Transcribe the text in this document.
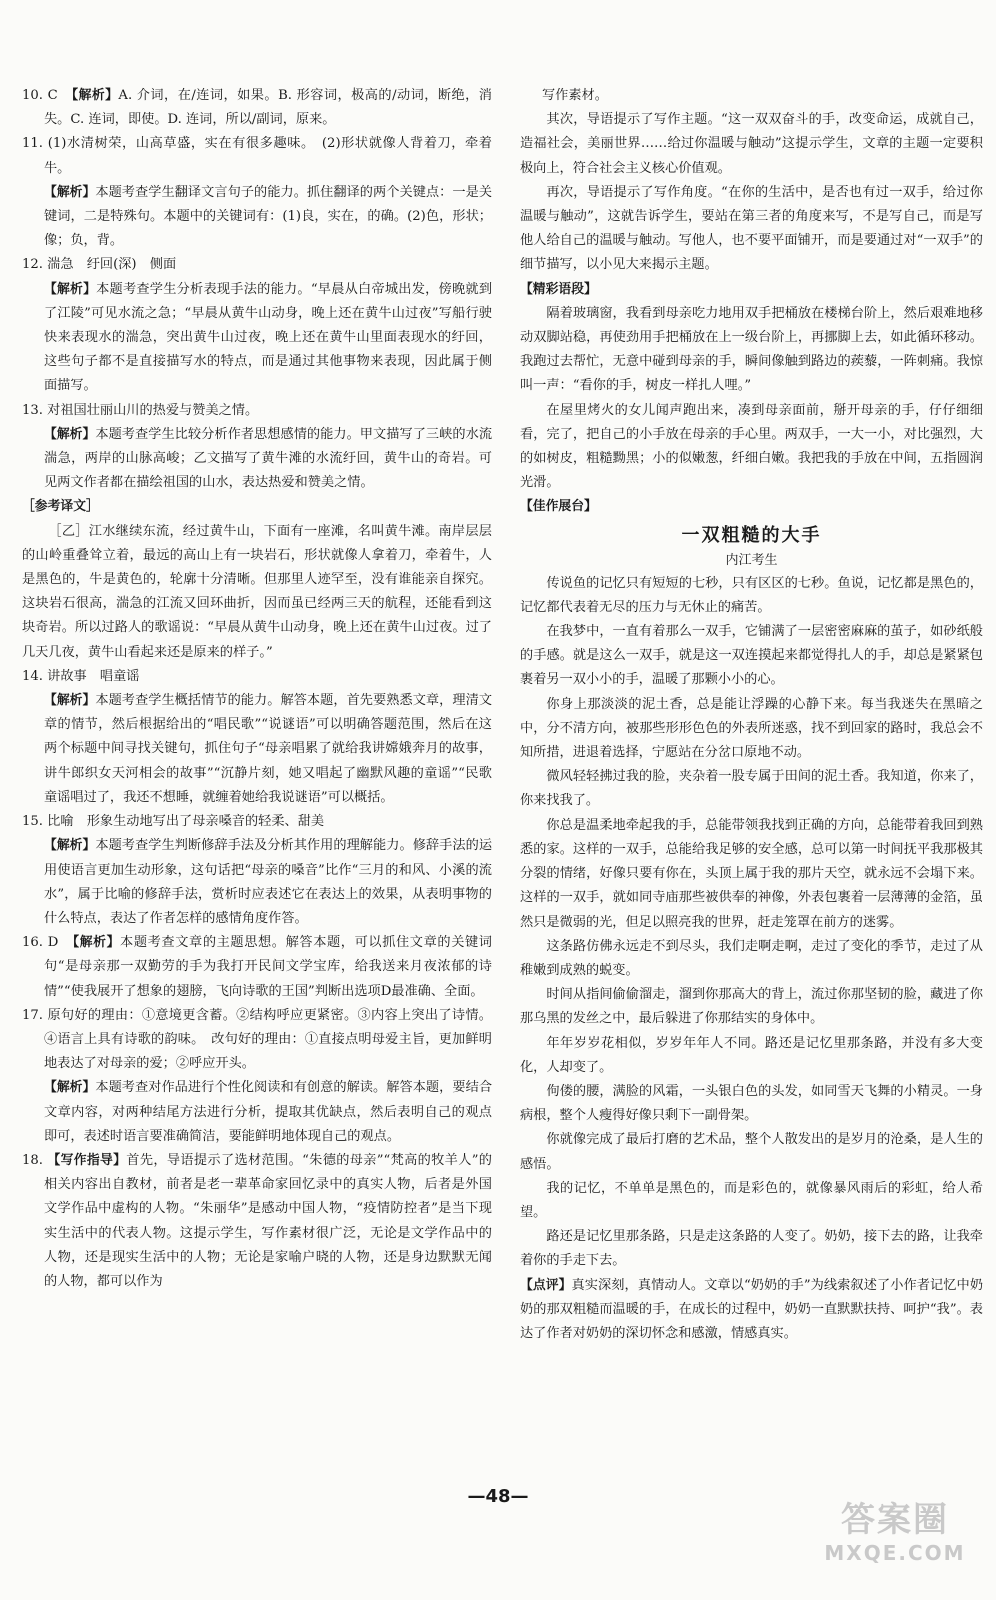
10. C　【解析】A. 介词，在/连词，如果。B. 形容词，极高的/动词，断绝，消失。C. 连词，即使。D. 连词，所以/副词，原来。

11. (1)水清树荣，山高草盛，实在有很多趣味。　(2)形状就像人背着刀，牵着牛。

【解析】本题考查学生翻译文言句子的能力。抓住翻译的两个关键点：一是关键词，二是特殊句。本题中的关键词有：(1)良，实在，的确。(2)色，形状；像；负，背。

12. 湍急　纡回(深)　侧面

【解析】本题考查学生分析表现手法的能力。“早晨从白帝城出发，傍晚就到了江陵”可见水流之急；“早晨从黄牛山动身，晚上还在黄牛山过夜”写船行驶快来表现水的湍急，突出黄牛山过夜，晚上还在黄牛山里面表现水的纡回，这些句子都不是直接描写水的特点，而是通过其他事物来表现，因此属于侧面描写。

13. 对祖国壮丽山川的热爱与赞美之情。

【解析】本题考查学生比较分析作者思想感情的能力。甲文描写了三峡的水流湍急，两岸的山脉高峻；乙文描写了黄牛滩的水流纡回，黄牛山的奇岩。可见两文作者都在描绘祖国的山水，表达热爱和赞美之情。

［参考译文］

［乙］江水继续东流，经过黄牛山，下面有一座滩，名叫黄牛滩。南岸层层的山岭重叠耸立着，最远的高山上有一块岩石，形状就像人拿着刀，牵着牛，人是黑色的，牛是黄色的，轮廓十分清晰。但那里人迹罕至，没有谁能亲自探究。这块岩石很高，湍急的江流又回环曲折，因而虽已经两三天的航程，还能看到这块奇岩。所以过路人的歌谣说：“早晨从黄牛山动身，晚上还在黄牛山过夜。过了几天几夜，黄牛山看起来还是原来的样子。”

14. 讲故事　唱童谣

【解析】本题考查学生概括情节的能力。解答本题，首先要熟悉文章，理清文章的情节，然后根据给出的“唱民歌”“说谜语”可以明确答题范围，然后在这两个标题中间寻找关键句，抓住句子“母亲唱累了就给我讲嫦娥奔月的故事，讲牛郎织女天河相会的故事”“沉静片刻，她又唱起了幽默风趣的童谣”“民歌童谣唱过了，我还不想睡，就缠着她给我说谜语”可以概括。

15. 比喻　形象生动地写出了母亲嗓音的轻柔、甜美

【解析】本题考查学生判断修辞手法及分析其作用的理解能力。修辞手法的运用使语言更加生动形象，这句话把“母亲的嗓音”比作“三月的和风、小溪的流水”，属于比喻的修辞手法，赏析时应表述它在表达上的效果，从表明事物的什么特点，表达了作者怎样的感情角度作答。

16. D　【解析】本题考查文章的主题思想。解答本题，可以抓住文章的关键词句“是母亲那一双勤劳的手为我打开民间文学宝库，给我送来月夜浓郁的诗情”“使我展开了想象的翅膀，飞向诗歌的王国”判断出选项D最准确、全面。

17. 原句好的理由：①意境更含蓄。②结构呼应更紧密。③内容上突出了诗情。④语言上具有诗歌的韵味。　改句好的理由：①直接点明母爱主旨，更加鲜明地表达了对母亲的爱；②呼应开头。

【解析】本题考查对作品进行个性化阅读和有创意的解读。解答本题，要结合文章内容，对两种结尾方法进行分析，提取其优缺点，然后表明自己的观点即可，表述时语言要准确简洁，要能鲜明地体现自己的观点。

18. 【写作指导】首先，导语提示了选材范围。“朱德的母亲”“梵高的牧羊人”的相关内容出自教材，前者是老一辈革命家回忆录中的真实人物，后者是外国文学作品中虚构的人物。“朱丽华”是感动中国人物，“疫情防控者”是当下现实生活中的代表人物。这提示学生，写作素材很广泛，无论是文学作品中的人物，还是现实生活中的人物；无论是家喻户晓的人物，还是身边默默无闻的人物，都可以作为

写作素材。

其次，导语提示了写作主题。“这一双双奋斗的手，改变命运，成就自己，造福社会，美丽世界……给过你温暖与触动”这提示学生，文章的主题一定要积极向上，符合社会主义核心价值观。

再次，导语提示了写作角度。“在你的生活中，是否也有过一双手，给过你温暖与触动”，这就告诉学生，要站在第三者的角度来写，不是写自己，而是写他人给自己的温暖与触动。写他人，也不要平面铺开，而是要通过对“一双手”的细节描写，以小见大来揭示主题。

【精彩语段】

隔着玻璃窗，我看到母亲吃力地用双手把桶放在楼梯台阶上，然后艰难地移动双脚站稳，再使劲用手把桶放在上一级台阶上，再挪脚上去，如此循环移动。我跑过去帮忙，无意中碰到母亲的手，瞬间像触到路边的蒺藜，一阵刺痛。我惊叫一声：“看你的手，树皮一样扎人哩。”

在屋里烤火的女儿闻声跑出来，凑到母亲面前，掰开母亲的手，仔仔细细看，完了，把自己的小手放在母亲的手心里。两双手，一大一小，对比强烈，大的如树皮，粗糙黝黑；小的似嫩葱，纤细白嫩。我把我的手放在中间，五指圆润光滑。

【佳作展台】

一双粗糙的大手
内江考生

传说鱼的记忆只有短短的七秒，只有区区的七秒。鱼说，记忆都是黑色的，记忆都代表着无尽的压力与无休止的痛苦。

在我梦中，一直有着那么一双手，它铺满了一层密密麻麻的茧子，如砂纸般的手感。就是这么一双手，就是这一双连摸起来都觉得扎人的手，却总是紧紧包裹着另一双小小的手，温暖了那颗小小的心。

你身上那淡淡的泥土香，总是能让浮躁的心静下来。每当我迷失在黑暗之中，分不清方向，被那些形形色色的外表所迷惑，找不到回家的路时，我总会不知所措，进退着选择，宁愿站在分岔口原地不动。

微风轻轻拂过我的脸，夹杂着一股专属于田间的泥土香。我知道，你来了，你来找我了。

你总是温柔地牵起我的手，总能带领我找到正确的方向，总能带着我回到熟悉的家。这样的一双手，总能给我足够的安全感，总可以第一时间抚平我那极其分裂的情绪，好像只要有你在，头顶上属于我的那片天空，就永远不会塌下来。这样的一双手，就如同寺庙那些被供奉的神像，外表包裹着一层薄薄的金箔，虽然只是微弱的光，但足以照亮我的世界，赶走笼罩在前方的迷雾。

这条路仿佛永远走不到尽头，我们走啊走啊，走过了变化的季节，走过了从稚嫩到成熟的蜕变。

时间从指间偷偷溜走，溜到你那高大的背上，流过你那坚韧的脸，藏进了你那乌黑的发丝之中，最后躲进了你那结实的身体中。

年年岁岁花相似，岁岁年年人不同。路还是记忆里那条路，并没有多大变化，人却变了。

佝偻的腰，满脸的风霜，一头银白色的头发，如同雪天飞舞的小精灵。一身病根，整个人瘦得好像只剩下一副骨架。

你就像完成了最后打磨的艺术品，整个人散发出的是岁月的沧桑，是人生的感悟。

我的记忆，不单单是黑色的，而是彩色的，就像暴风雨后的彩虹，给人希望。

路还是记忆里那条路，只是走这条路的人变了。奶奶，接下去的路，让我牵着你的手走下去。

【点评】真实深刻，真情动人。文章以“奶奶的手”为线索叙述了小作者记忆中奶奶的那双粗糙而温暖的手，在成长的过程中，奶奶一直默默扶持、呵护“我”。表达了作者对奶奶的深切怀念和感激，情感真实。

—48—
答案圈
MXQE.COM
